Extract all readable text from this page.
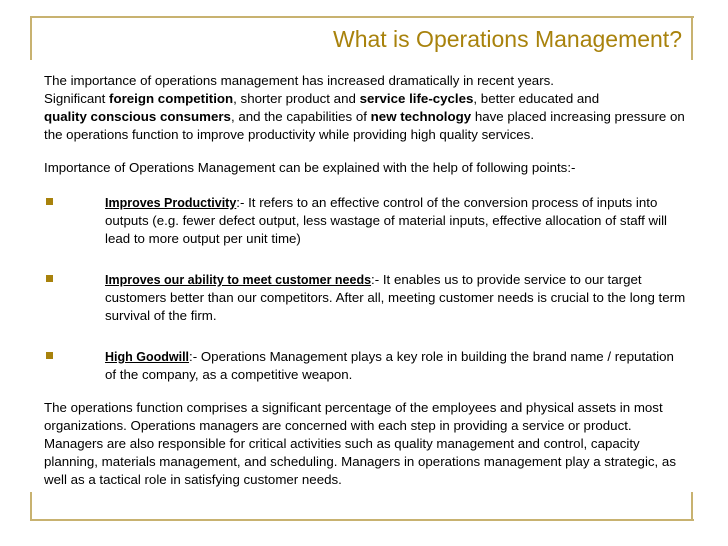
What is Operations Management?

The importance of operations management has increased dramatically in recent years.
Significant foreign competition, shorter product and service life-cycles, better educated and
quality conscious consumers, and the capabilities of new technology have placed increasing pressure on the operations function to improve productivity while providing high quality services.

Importance of Operations Management can be explained with the help of following points:-

Improves Productivity:- It refers to an effective control of the conversion process of inputs into outputs (e.g. fewer defect output, less wastage of material inputs, effective allocation of staff will lead to more output per unit time)
Improves our ability to meet customer needs:- It enables us to provide service to our target customers better than our competitors. After all, meeting customer needs is crucial to the long term survival of the firm.
High Goodwill:- Operations Management plays a key role in building the brand name / reputation of the company, as a competitive weapon.

The operations function comprises a significant percentage of the employees and physical assets in most organizations. Operations managers are concerned with each step in providing a service or product. Managers are also responsible for critical activities such as quality management and control, capacity planning, materials management, and scheduling. Managers in operations management play a strategic, as well as a tactical role in satisfying customer needs.
